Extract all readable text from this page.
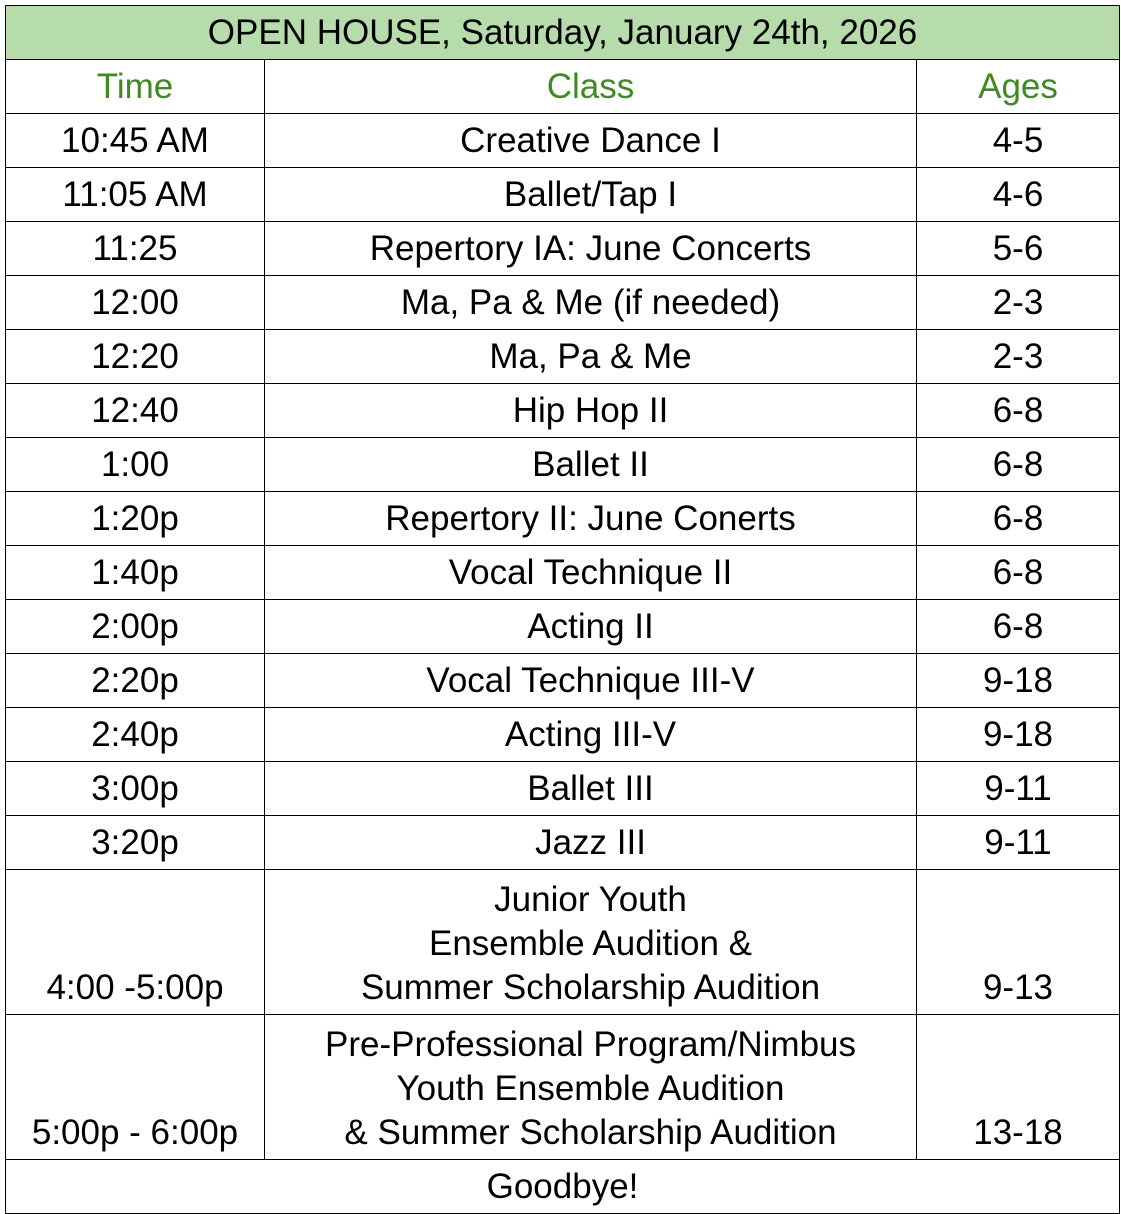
OPEN HOUSE, Saturday, January 24th, 2026		
Time	Class	Ages
10:45 AM	Creative Dance I	4-5
11:05 AM	Ballet/Tap I	4-6
11:25	Repertory IA: June Concerts	5-6
12:00	Ma, Pa & Me (if needed)	2-3
12:20	Ma, Pa & Me	2-3
12:40	Hip Hop II	6-8
1:00	Ballet II	6-8
1:20p	Repertory II: June Conerts	6-8
1:40p	Vocal Technique II	6-8
2:00p	Acting II	6-8
2:20p	Vocal Technique III-V	9-18
2:40p	Acting III-V	9-18
3:00p	Ballet III	9-11
3:20p	Jazz III	9-11
4:00 -5:00p	Junior Youth
Ensemble Audition &
Summer Scholarship Audition	9-13
5:00p - 6:00p	Pre-Professional Program/Nimbus
Youth Ensemble Audition
& Summer Scholarship Audition	13-18
Goodbye!		
